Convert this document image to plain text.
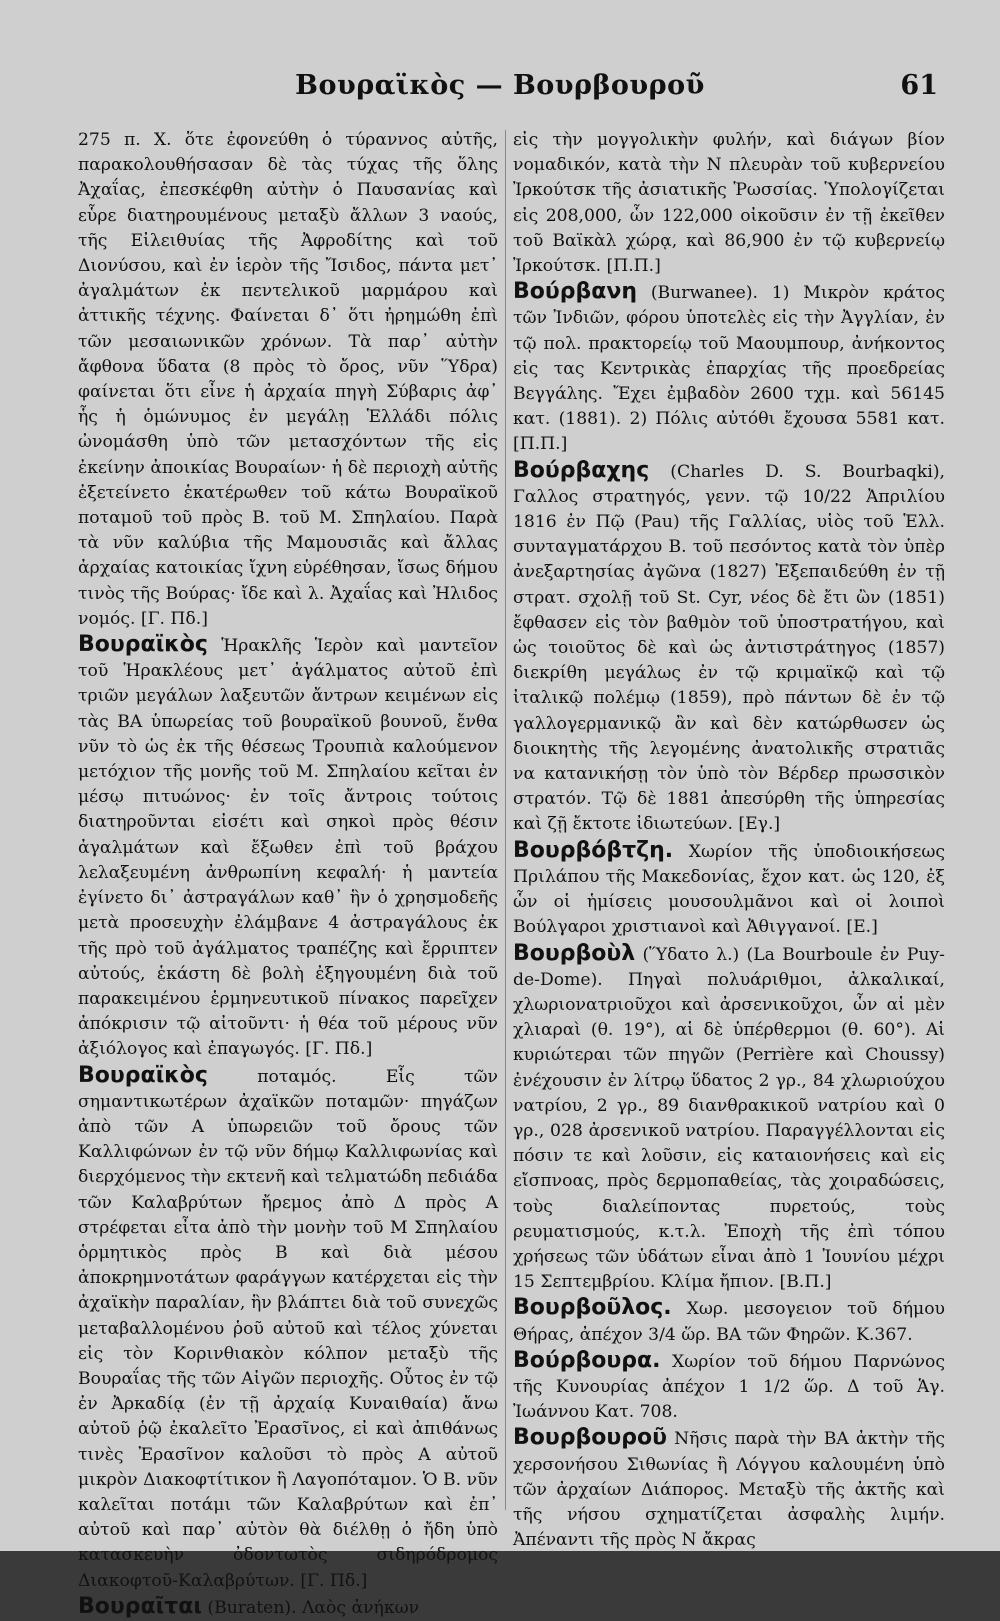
Βουραϊκὸς — Βουρβουροῦ	61

275 π. Χ. ὅτε ἐφονεύθη ὁ τύραννος αὐτῆς, παρακολουθήσασαν δὲ τὰς τύχας τῆς ὅλης Ἀχαΐας, ἐπεσκέφθη αὐτὴν ὁ Παυσανίας καὶ εὗρε διατηρουμένους μεταξὺ ἄλλων 3 ναούς, τῆς Εἰλειθυίας τῆς Ἀφροδίτης καὶ τοῦ Διονύσου, καὶ ἐν ἱερὸν τῆς Ἴσιδος, πάντα μετ᾽ ἀγαλμάτων ἐκ πεντελικοῦ μαρμάρου καὶ ἀττικῆς τέχνης. Φαίνεται δ᾽ ὅτι ἠρημώθη ἐπὶ τῶν μεσαιωνικῶν χρόνων. Τὰ παρ᾽ αὐτὴν ἄφθονα ὕδατα (8 πρὸς τὸ ὄρος, νῦν Ὕδρα) φαίνεται ὅτι εἶνε ἡ ἀρχαία πηγὴ Σύβαρις ἀφ᾽ ἧς ἡ ὁμώνυμος ἐν μεγάλῃ Ἑλλάδι πόλις ὠνομάσθη ὑπὸ τῶν μετασχόντων τῆς εἰς ἐκείνην ἀποικίας Βουραίων· ἡ δὲ περιοχὴ αὐτῆς ἐξετείνετο ἑκατέρωθεν τοῦ κάτω Βουραϊκοῦ ποταμοῦ τοῦ πρὸς Β. τοῦ Μ. Σπηλαίου. Παρὰ τὰ νῦν καλύβια τῆς Μαμουσιᾶς καὶ ἄλλας ἀρχαίας κατοικίας ἴχνη εὑρέθησαν, ἴσως δήμου τινὸς τῆς Βούρας· ἴδε καὶ λ. Ἀχαΐας καὶ Ἠλιδος νομός. [Γ. Πδ.]

Βουραϊκὸς Ἡρακλῆς Ἱερὸν καὶ μαντεῖον τοῦ Ἡρακλέους μετ᾽ ἀγάλματος αὐτοῦ ἐπὶ τριῶν μεγάλων λαξευτῶν ἄντρων κειμένων εἰς τὰς ΒΑ ὑπωρείας τοῦ βουραϊκοῦ βουνοῦ, ἔνθα νῦν τὸ ὡς ἐκ τῆς θέσεως Τρουπιὰ καλούμενον μετόχιον τῆς μονῆς τοῦ Μ. Σπηλαίου κεῖται ἐν μέσῳ πιτυώνος· ἐν τοῖς ἄντροις τούτοις διατηροῦνται εἰσέτι καὶ σηκοὶ πρὸς θέσιν ἀγαλμάτων καὶ ἔξωθεν ἐπὶ τοῦ βράχου λελαξευμένη ἀνθρωπίνη κεφαλή· ἡ μαντεία ἐγίνετο δι᾽ ἀστραγάλων καθ᾽ ἣν ὁ χρησμοδεῆς μετὰ προσευχὴν ἐλάμβανε 4 ἀστραγάλους ἐκ τῆς πρὸ τοῦ ἀγάλματος τραπέζης καὶ ἔρριπτεν αὐτούς, ἑκάστη δὲ βολὴ ἐξηγουμένη διὰ τοῦ παρακειμένου ἑρμηνευτικοῦ πίνακος παρεῖχεν ἀπόκρισιν τῷ αἰτοῦντι· ἡ θέα τοῦ μέρους νῦν ἀξιόλογος καὶ ἐπαγωγός. [Γ. Πδ.]

Βουραϊκὸς	ποταμός. Εἷς τῶν σημαντικωτέρων ἀχαϊκῶν ποταμῶν· πηγάζων ἀπὸ τῶν Α ὑπωρειῶν τοῦ ὄρους τῶν Καλλιφώνων ἐν τῷ νῦν δήμῳ Καλλιφωνίας καὶ διερχόμενος τὴν εκτενῆ καὶ τελματώδη πεδιάδα τῶν Καλαβρύτων ἤρεμος ἀπὸ Δ πρὸς Α στρέφεται εἶτα ἀπὸ τὴν μονὴν τοῦ Μ Σπηλαίου ὁρμητικὸς πρὸς Β καὶ διὰ μέσου ἀποκρημνοτάτων φαράγγων κατέρχεται εἰς τὴν ἀχαϊκὴν παραλίαν, ἣν βλάπτει διὰ τοῦ συνεχῶς μεταβαλλομένου ῥοῦ αὐτοῦ καὶ τέλος χύνεται εἰς τὸν Κορινθιακὸν κόλπον μεταξὺ τῆς Βουραΐας τῆς τῶν Αἰγῶν περιοχῆς. Οὗτος ἐν τῷ ἐν Ἀρκαδίᾳ (ἐν τῇ ἀρχαίᾳ Κυναιθαία) ἄνω αὐτοῦ ῥῷ ἐκαλεῖτο Ἐρασῖνος, εἰ καὶ ἀπιθάνως τινὲς Ἐρασῖνον καλοῦσι τὸ πρὸς Α αὐτοῦ μικρὸν Διακοφτίτικον ἢ Λαγοπόταμον. Ὁ Β. νῦν καλεῖται ποτάμι τῶν Καλαβρύτων καὶ ἐπ᾽ αὐτοῦ καὶ παρ᾽ αὐτὸν θὰ διέλθῃ ὁ ἤδη ὑπὸ κατασκευὴν ὀδοντωτὸς σιδηρόδρομος Διακοφτοῦ-Καλαβρύτων. [Γ. Πδ.]

Βουραῖται (Buraten). Λαὸς ἀνήκων

εἰς τὴν μογγολικὴν φυλήν, καὶ διάγων βίον νομαδικόν, κατὰ τὴν Ν πλευρὰν τοῦ κυβερνείου Ἰρκούτσκ τῆς ἀσιατικῆς Ῥωσσίας. Ὑπολογίζεται εἰς 208,000, ὧν 122,000 οἰκοῦσιν ἐν τῇ ἐκεῖθεν τοῦ Βαϊκὰλ χώρᾳ, καὶ 86,900 ἐν τῷ κυβερνείῳ Ἰρκούτσκ. [Π.Π.]

Βούρβανη (Burwanee). 1) Μικρὸν κράτος τῶν Ἰνδιῶν, φόρου ὑποτελὲς εἰς τὴν Ἀγγλίαν, ἐν τῷ πολ. πρακτορείῳ τοῦ Μαουμπουρ, ἀνήκοντος εἰς τας Κεντρικὰς ἐπαρχίας τῆς προεδρείας Βεγγάλης. Ἔχει ἐμβαδὸν 2600 τχμ. καὶ 56145 κατ. (1881). 2) Πόλις αὐτόθι ἔχουσα 5581 κατ. [Π.Π.]

Βούρβαχης (Charles D. S. Bourbaqki), Γαλλος στρατηγός, γενν. τῷ 10/22 Ἀπριλίου 1816 ἐν Πῷ (Pau) τῆς Γαλλίας, υἱὸς τοῦ Ἑλλ. συνταγματάρχου Β. τοῦ πεσόντος κατὰ τὸν ὑπὲρ ἀνεξαρτησίας ἀγῶνα (1827) Ἐξεπαιδεύθη ἐν τῇ στρατ. σχολῇ τοῦ St. Cyr, νέος δὲ ἔτι ὢν (1851) ἔφθασεν εἰς τὸν βαθμὸν τοῦ ὑποστρατήγου, καὶ ὡς τοιοῦτος δὲ καὶ ὡς ἀντιστράτηγος (1857) διεκρίθη μεγάλως ἐν τῷ κριμαϊκῷ καὶ τῷ ἰταλικῷ πολέμῳ (1859), πρὸ πάντων δὲ ἐν τῷ γαλλογερμανικῷ ἂν καὶ δὲν κατώρθωσεν ὡς διοικητὴς τῆς λεγομένης ἀνατολικῆς στρατιᾶς να κατανικήσῃ τὸν ὑπὸ τὸν Βέρδερ πρωσσικὸν στρατόν. Τῷ δὲ 1881 ἀπεσύρθη τῆς ὑπηρεσίας καὶ ζῇ ἔκτοτε ἰδιωτεύων. [Εγ.]

Βουρβόβτζη. Χωρίον τῆς ὑποδιοικήσεως Πριλάπου τῆς Μακεδονίας, ἔχον κατ. ὡς 120, ἐξ ὧν οἱ ἡμίσεις μουσουλμᾶνοι καὶ οἱ λοιποὶ Βούλγαροι χριστιανοὶ καὶ Ἀθιγγανοί. [Ε.]

Βουρβοὺλ (Ὕδατο λ.) (La Bourboule ἐν Puy-de-Dome). Πηγαὶ πολυάριθμοι, ἀλκαλικαί, χλωριονατριοῦχοι καὶ ἀρσενικοῦχοι, ὧν αἱ μὲν χλιαραὶ (θ. 19°), αἱ δὲ ὑπέρθερμοι (θ. 60°). Αἱ κυριώτεραι τῶν πηγῶν (Perrière καὶ Choussy) ἐνέχουσιν ἐν λίτρῳ ὕδατος 2 γρ., 84 χλωριούχου νατρίου, 2 γρ., 89 διανθρακικοῦ νατρίου καὶ 0 γρ., 028 ἀρσενικοῦ νατρίου. Παραγγέλλονται εἰς πόσιν τε καὶ λοῦσιν, εἰς καταιονήσεις καὶ εἰς εἴσπνοας, πρὸς δερμοπαθείας, τὰς χοιραδώσεις, τοὺς διαλείποντας πυρετούς, τοὺς ρευματισμούς, κ.τ.λ. Ἐποχὴ τῆς ἐπὶ τόπου χρήσεως τῶν ὑδάτων εἶναι ἀπὸ 1 Ἰουνίου μέχρι 15 Σεπτεμβρίου. Κλίμα ἤπιον. [Β.Π.]

Βουρβοῦλος. Χωρ. μεσογειον τοῦ δήμου Θήρας, ἀπέχον 3/4 ὥρ. ΒΑ τῶν Φηρῶν. Κ.367.

Βούρβουρα. Χωρίον τοῦ δήμου Παρνώνος τῆς Κυνουρίας ἀπέχον 1 1/2 ὥρ. Δ τοῦ Ἁγ. Ἰωάννου Κατ. 708.

Βουρβουροῦ Νῆσις παρὰ τὴν ΒΑ ἀκτὴν τῆς χερσονήσου Σιθωνίας ἢ Λόγγου καλουμένη ὑπὸ τῶν ἀρχαίων Διάπορος. Μεταξὺ τῆς ἀκτῆς καὶ τῆς νήσου σχηματίζεται ἀσφαλὴς λιμήν. Ἀπέναντι τῆς πρὸς Ν ἄκρας
